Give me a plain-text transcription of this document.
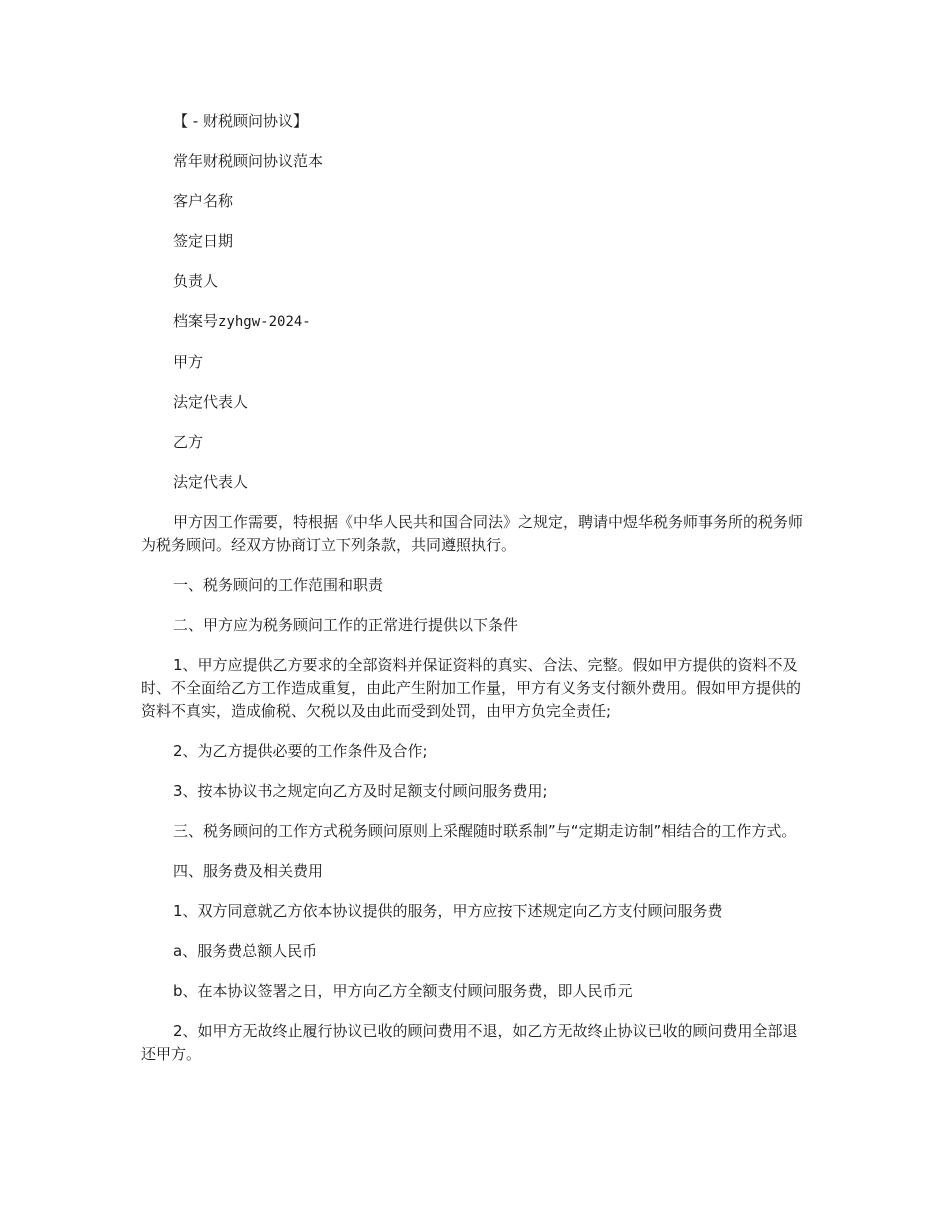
【 - 财税顾问协议】

常年财税顾问协议范本

客户名称

签定日期

负责人

档案号zyhgw-2024-

甲方

法定代表人

乙方

法定代表人

甲方因工作需要，特根据《中华人民共和国合同法》之规定，聘请中煜华税务师事务所的税务师为税务顾问。经双方协商订立下列条款，共同遵照执行。

一、税务顾问的工作范围和职责

二、甲方应为税务顾问工作的正常进行提供以下条件

1、甲方应提供乙方要求的全部资料并保证资料的真实、合法、完整。假如甲方提供的资料不及时、不全面给乙方工作造成重复，由此产生附加工作量，甲方有义务支付额外费用。假如甲方提供的资料不真实，造成偷税、欠税以及由此而受到处罚，由甲方负完全责任;

2、为乙方提供必要的工作条件及合作;

3、按本协议书之规定向乙方及时足额支付顾问服务费用;

三、税务顾问的工作方式税务顾问原则上采醒随时联系制”与“定期走访制”相结合的工作方式。

四、服务费及相关费用

1、双方同意就乙方依本协议提供的服务，甲方应按下述规定向乙方支付顾问服务费

a、服务费总额人民币

b、在本协议签署之日，甲方向乙方全额支付顾问服务费，即人民币元

2、如甲方无故终止履行协议已收的顾问费用不退，如乙方无故终止协议已收的顾问费用全部退还甲方。
